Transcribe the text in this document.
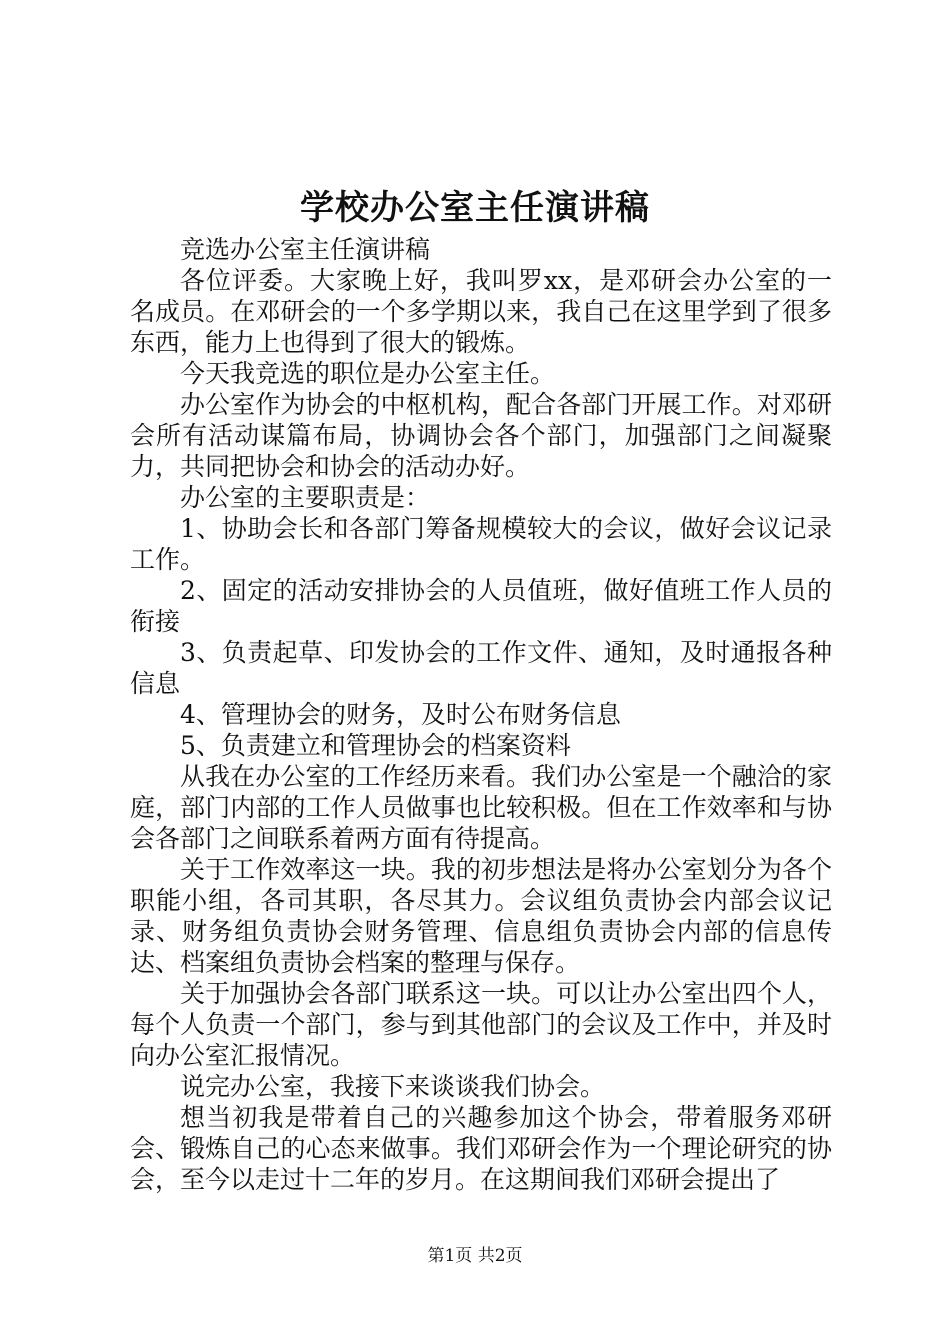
学校办公室主任演讲稿

竞选办公室主任演讲稿

各位评委。大家晚上好，我叫罗xx，是邓研会办公室的一名成员。在邓研会的一个多学期以来，我自己在这里学到了很多东西，能力上也得到了很大的锻炼。

今天我竞选的职位是办公室主任。

办公室作为协会的中枢机构，配合各部门开展工作。对邓研会所有活动谋篇布局，协调协会各个部门，加强部门之间凝聚力，共同把协会和协会的活动办好。

办公室的主要职责是：

1、协助会长和各部门筹备规模较大的会议，做好会议记录工作。

2、固定的活动安排协会的人员值班，做好值班工作人员的衔接

3、负责起草、印发协会的工作文件、通知，及时通报各种信息

4、管理协会的财务，及时公布财务信息

5、负责建立和管理协会的档案资料

从我在办公室的工作经历来看。我们办公室是一个融洽的家庭，部门内部的工作人员做事也比较积极。但在工作效率和与协会各部门之间联系着两方面有待提高。

关于工作效率这一块。我的初步想法是将办公室划分为各个职能小组，各司其职，各尽其力。会议组负责协会内部会议记录、财务组负责协会财务管理、信息组负责协会内部的信息传达、档案组负责协会档案的整理与保存。

关于加强协会各部门联系这一块。可以让办公室出四个人，每个人负责一个部门，参与到其他部门的会议及工作中，并及时向办公室汇报情况。

说完办公室，我接下来谈谈我们协会。

想当初我是带着自己的兴趣参加这个协会，带着服务邓研会、锻炼自己的心态来做事。我们邓研会作为一个理论研究的协会，至今以走过十二年的岁月。在这期间我们邓研会提出了

第1页 共2页
